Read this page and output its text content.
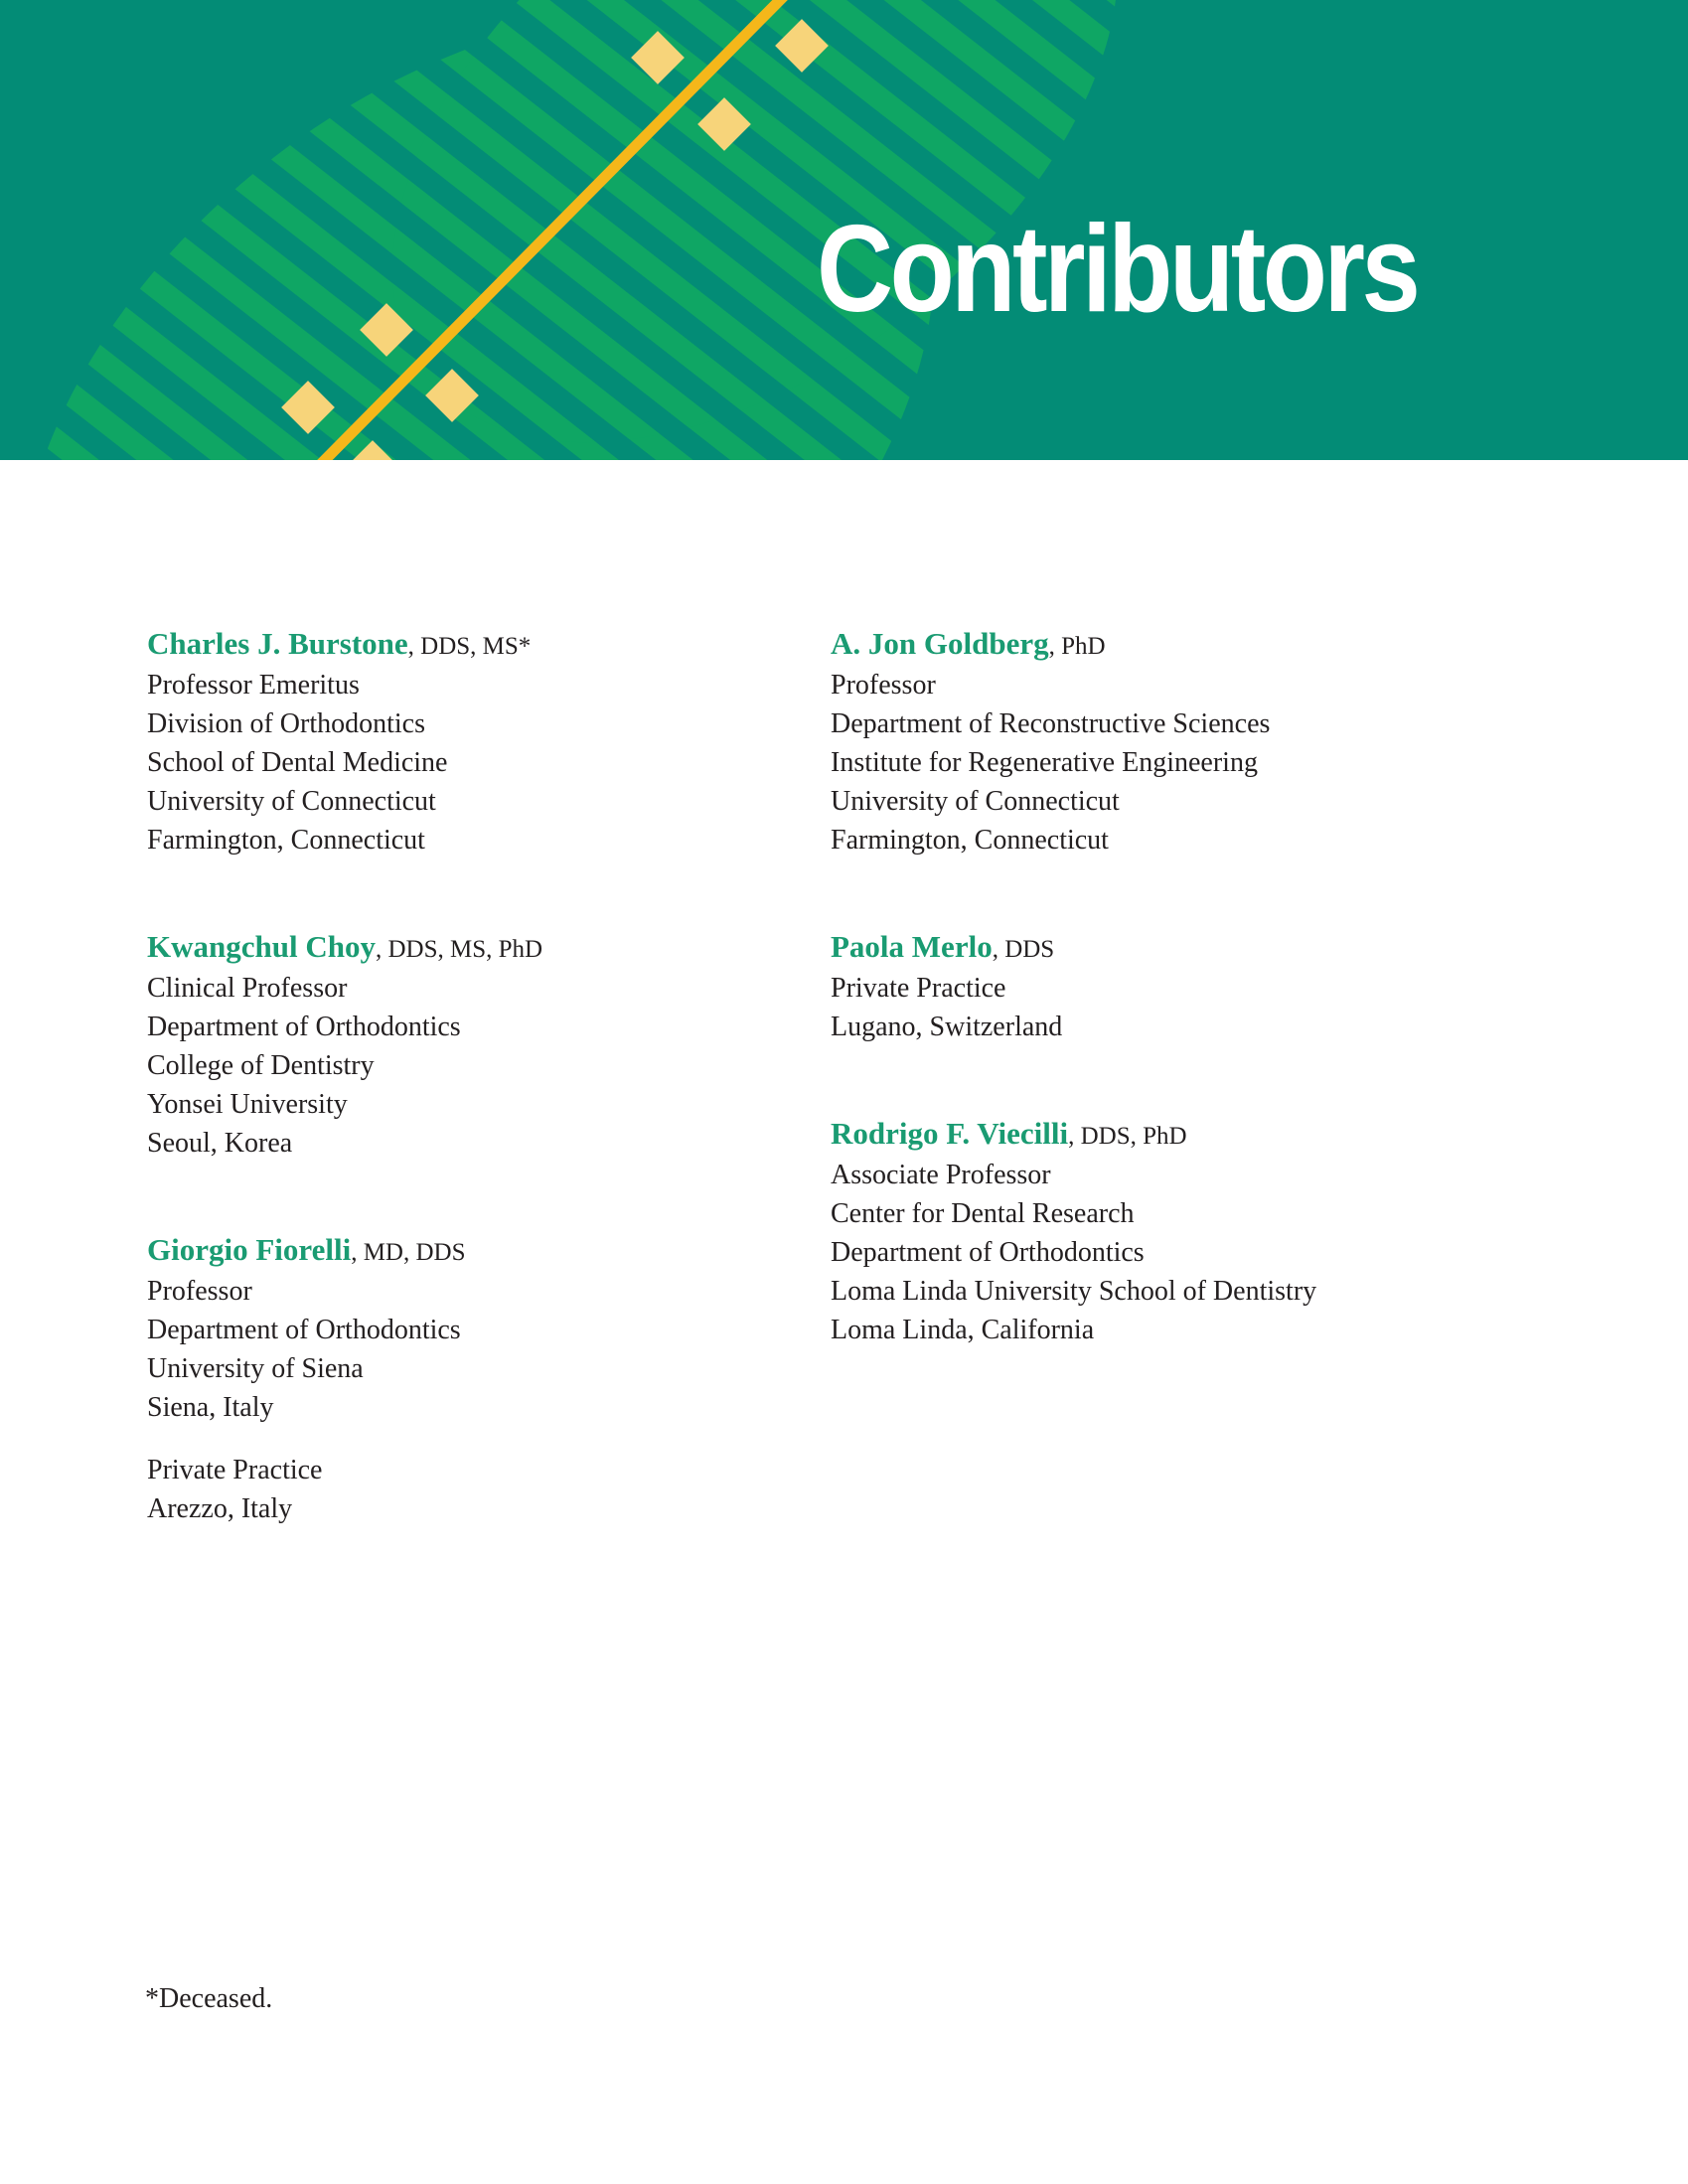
Contributors
Charles J. Burstone, DDS, MS*
Professor Emeritus
Division of Orthodontics
School of Dental Medicine
University of Connecticut
Farmington, Connecticut
Kwangchul Choy, DDS, MS, PhD
Clinical Professor
Department of Orthodontics
College of Dentistry
Yonsei University
Seoul, Korea
Giorgio Fiorelli, MD, DDS
Professor
Department of Orthodontics
University of Siena
Siena, Italy
Private Practice
Arezzo, Italy
A. Jon Goldberg, PhD
Professor
Department of Reconstructive Sciences
Institute for Regenerative Engineering
University of Connecticut
Farmington, Connecticut
Paola Merlo, DDS
Private Practice
Lugano, Switzerland
Rodrigo F. Viecilli, DDS, PhD
Associate Professor
Center for Dental Research
Department of Orthodontics
Loma Linda University School of Dentistry
Loma Linda, California
*Deceased.
